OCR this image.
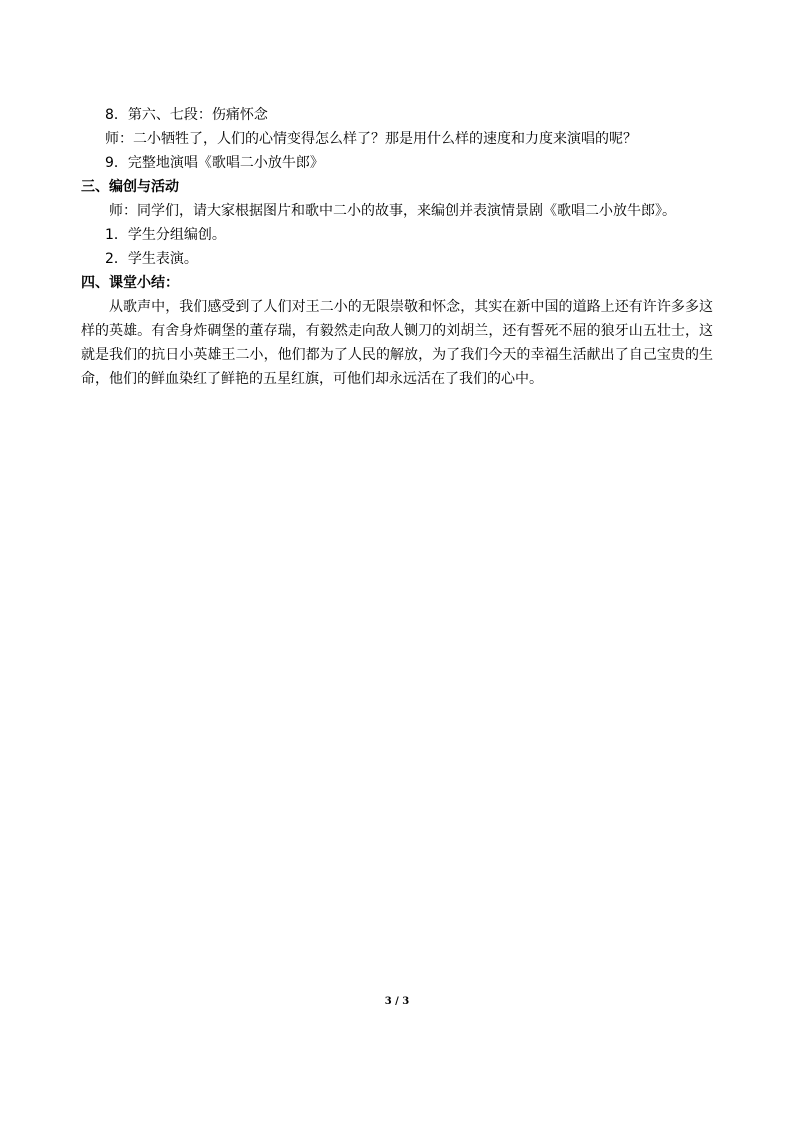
8．第六、七段：伤痛怀念
师：二小牺牲了，人们的心情变得怎么样了？那是用什么样的速度和力度来演唱的呢？
9．完整地演唱《歌唱二小放牛郎》
三、编创与活动
师：同学们，请大家根据图片和歌中二小的故事，来编创并表演情景剧《歌唱二小放牛郎》。
1．学生分组编创。
2．学生表演。
四、课堂小结：
从歌声中，我们感受到了人们对王二小的无限崇敬和怀念，其实在新中国的道路上还有许许多多这样的英雄。有舍身炸碉堡的董存瑞，有毅然走向敌人铡刀的刘胡兰，还有誓死不屈的狼牙山五壮士，这就是我们的抗日小英雄王二小，他们都为了人民的解放，为了我们今天的幸福生活献出了自己宝贵的生命，他们的鲜血染红了鲜艳的五星红旗，可他们却永远活在了我们的心中。
3 / 3
